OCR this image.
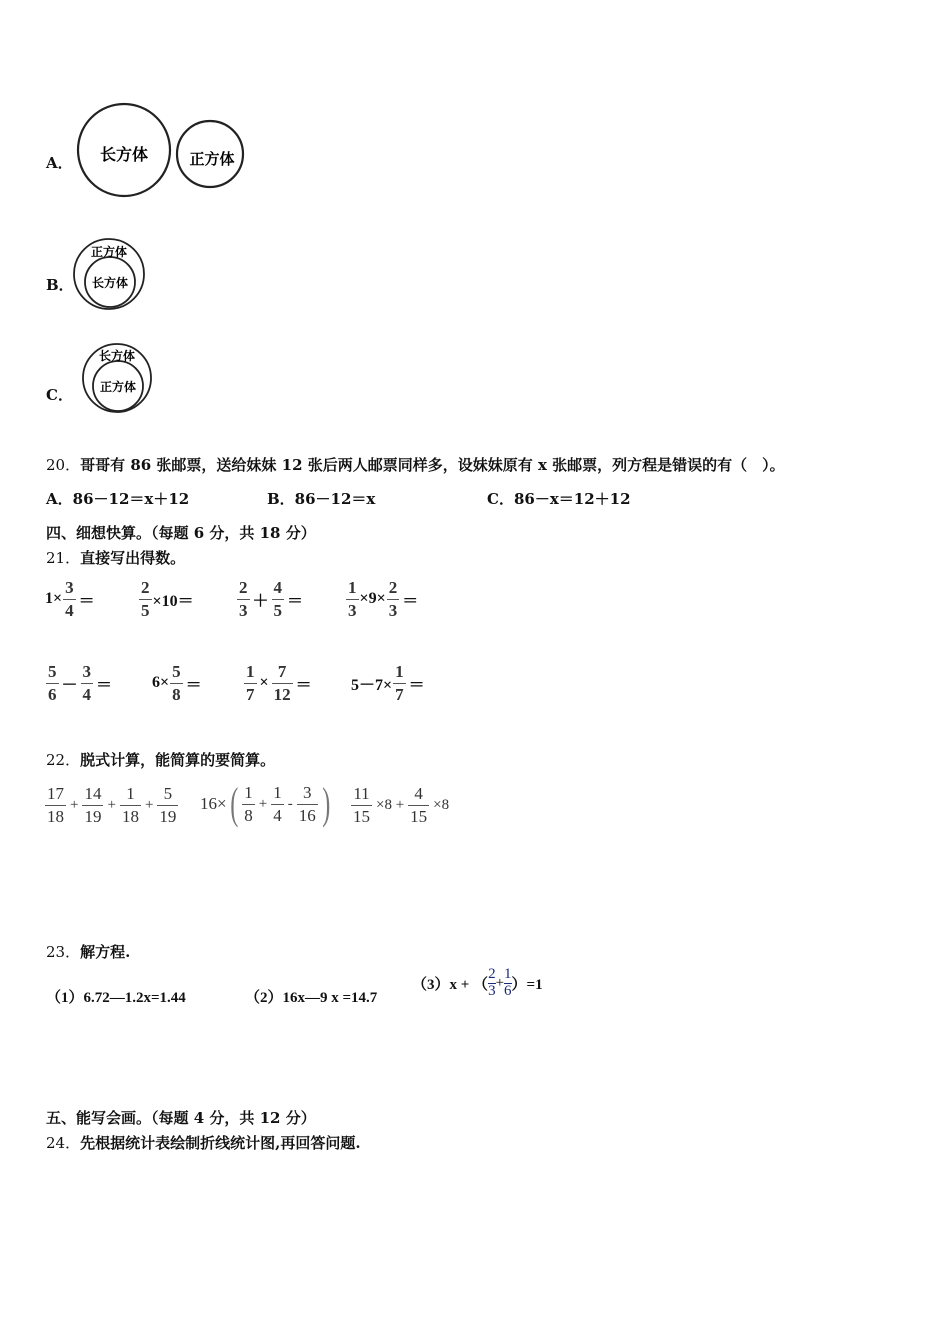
A． 长方体	正方体
B．
正方体
长方体
C．
长方体
正方体
20．哥哥有 86 张邮票，送给妹妹 12 张后两人邮票同样多，设妹妹原有 x 张邮票，列方程是错误的有（　）。
A．86－12＝x＋12	B．86－12＝x	C．86－x＝12＋12
四、细想快算。（每题 6 分，共 18 分）
21．直接写出得数。
$1\times \frac{3}{4}$ ＝	$\frac{2}{5} \times 10=$	$\frac{2}{3} + \frac{4}{5}$ ＝	$\frac{1}{3} \times 9\times \frac{2}{3}$ ＝
$\frac{5}{6} - \frac{3}{4} = 6\times \frac{5}{8} = \frac{1}{7} \times \frac{7}{12} = 5-7\times \frac{1}{7}$ ＝
22．脱式计算，能简算的要简算。
$\frac{17}{18} + \frac{14}{19} + \frac{1}{18} + \frac{5}{19} 16\times$ ( $\frac{1}{8} + \frac{1}{4} - \frac{3}{16}$ ) $\frac{11}{15} \times 8 + \frac{4}{15} \times 8$
23．解方程.
（1）6.72—1.2x=1.44	（2）16x—9 x =14.7
（3）x + （ $\frac{2}{3} + \frac{1}{6} )=1$
五、能写会画。（每题 4 分，共 12 分）
24．先根据统计表绘制折线统计图,再回答问题.
